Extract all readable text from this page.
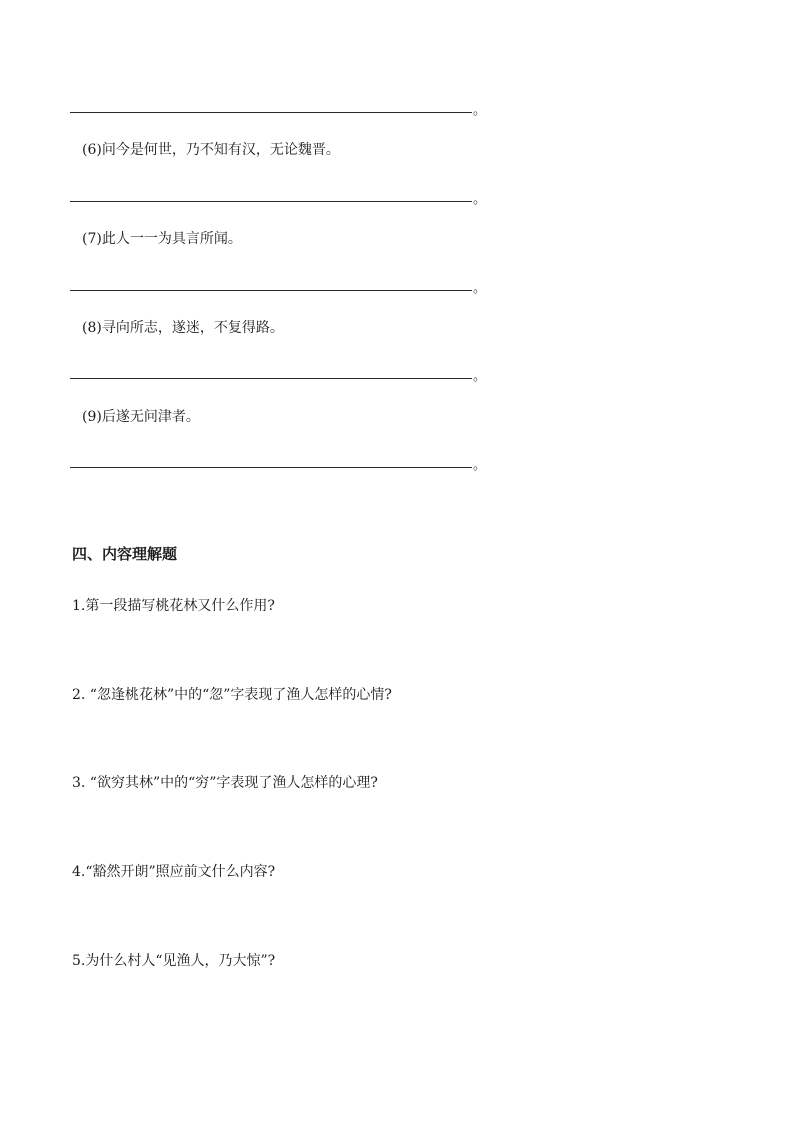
。
(6)问今是何世，乃不知有汉，无论魏晋。
。
(7)此人一一为具言所闻。
。
(8)寻向所志，遂迷，不复得路。
。
(9)后遂无问津者。
。
四、内容理解题
1.第一段描写桃花林又什么作用?
2. “忽逢桃花林”中的“忽”字表现了渔人怎样的心情?
3. “欲穷其林”中的“穷”字表现了渔人怎样的心理?
4.“豁然开朗”照应前文什么内容?
5.为什么村人“见渔人，乃大惊”?
